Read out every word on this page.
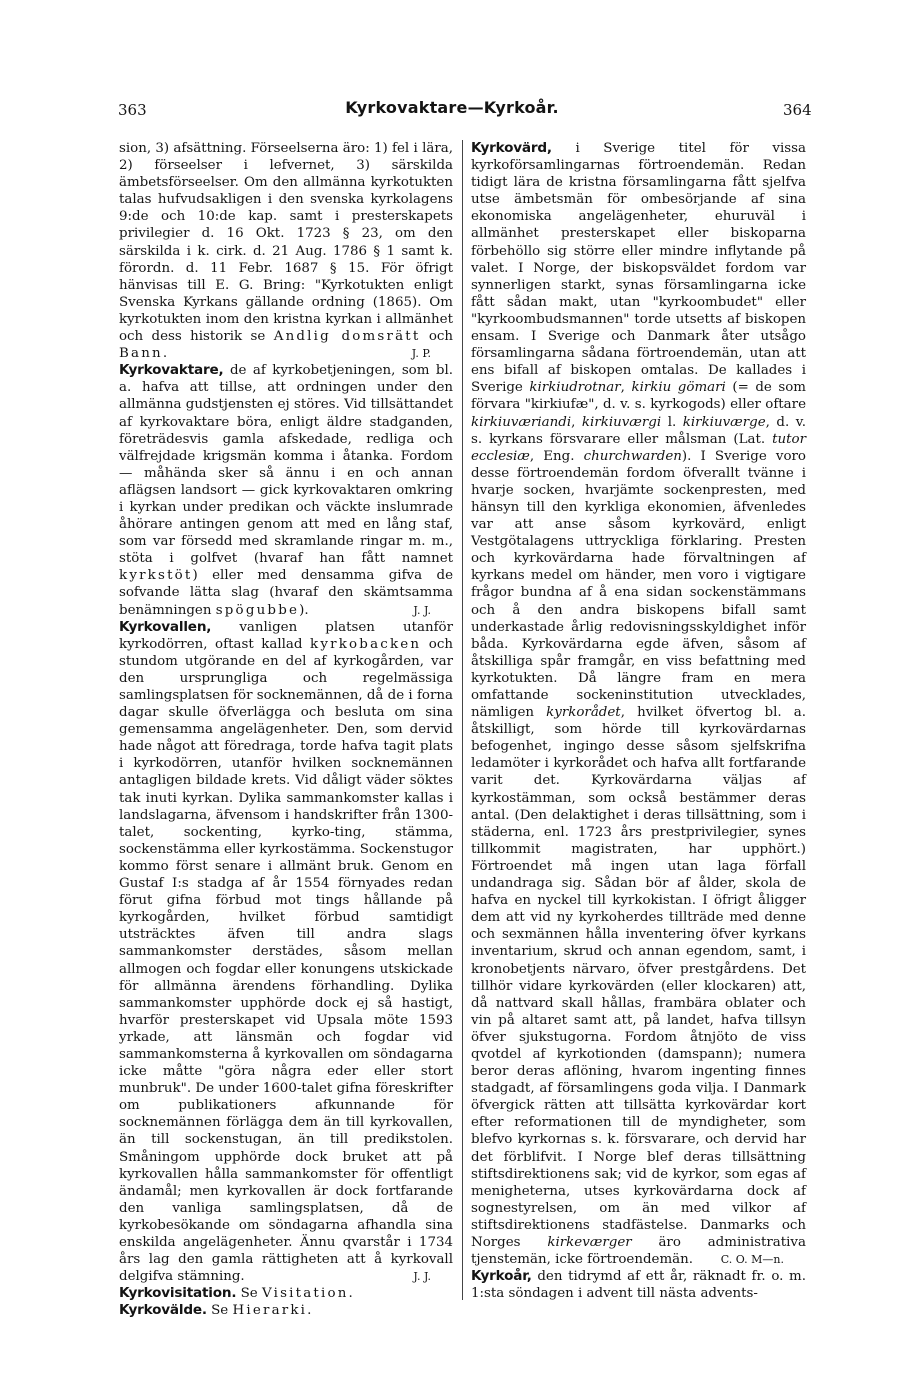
363	Kyrkovaktare—Kyrkoår.	364

sion, 3) afsättning. Förseelserna äro: 1) fel i lära, 2) förseelser i lefvernet, 3) särskilda ämbetsförseelser. Om den allmänna kyrkotukten talas hufvudsakligen i den svenska kyrkolagens 9:de och 10:de kap. samt i presterskapets privilegier d. 16 Okt. 1723 § 23, om den särskilda i k. cirk. d. 21 Aug. 1786 § 1 samt k. förordn. d. 11 Febr. 1687 § 15. För öfrigt hänvisas till E. G. Bring: "Kyrkotukten enligt Svenska Kyrkans gällande ordning (1865). Om kyrkotukten inom den kristna kyrkan i allmänhet och dess historik se Andlig domsrätt och Bann.	J. P.

Kyrkovaktare, de af kyrkobetjeningen, som bl. a. hafva att tillse, att ordningen under den allmänna gudstjensten ej störes. Vid tillsättandet af kyrkovaktare böra, enligt äldre stadganden, företrädesvis gamla afskedade, redliga och välfrejdade krigsmän komma i åtanka. Fordom — måhända sker så ännu i en och annan aflägsen landsort — gick kyrkovaktaren omkring i kyrkan under predikan och väckte inslumrade åhörare antingen genom att med en lång staf, som var försedd med skramlande ringar m. m., stöta i golfvet (hvaraf han fått namnet kyrkstöt) eller med densamma gifva de sofvande lätta slag (hvaraf den skämtsamma benämningen spögubbe).	J. J.

Kyrkovallen, vanligen platsen utanför kyrkodörren, oftast kallad kyrkobacken och stundom utgörande en del af kyrkogården, var den ursprungliga och regelmässiga samlingsplatsen för socknemännen, då de i forna dagar skulle öfverlägga och besluta om sina gemensamma angelägenheter. Den, som dervid hade något att föredraga, torde hafva tagit plats i kyrkodörren, utanför hvilken socknemännen antagligen bildade krets. Vid dåligt väder söktes tak inuti kyrkan. Dylika sammankomster kallas i landslagarna, äfvensom i handskrifter från 1300-talet, sockenting, kyrko-ting, stämma, sockenstämma eller kyrkostämma. Sockenstugor kommo först senare i allmänt bruk. Genom en Gustaf I:s stadga af år 1554 förnyades redan förut gifna förbud mot tings hållande på kyrkogården, hvilket förbud samtidigt utsträcktes äfven till andra slags sammankomster derstädes, såsom mellan allmogen och fogdar eller konungens utskickade för allmänna ärendens förhandling. Dylika sammankomster upphörde dock ej så hastigt, hvarför presterskapet vid Upsala möte 1593 yrkade, att länsmän och fogdar vid sammankomsterna å kyrkovallen om söndagarna icke måtte "göra några eder eller stort munbruk". De under 1600-talet gifna föreskrifter om publikationers afkunnande för socknemännen förlägga dem än till kyrkovallen, än till sockenstugan, än till predikstolen. Småningom upphörde dock bruket att på kyrkovallen hålla sammankomster för offentligt ändamål; men kyrkovallen är dock fortfarande den vanliga samlingsplatsen, då de kyrkobesökande om söndagarna afhandla sina enskilda angelägenheter. Ännu qvarstår i 1734 års lag den gamla rättigheten att å kyrkovall delgifva stämning.	J. J.

Kyrkovisitation. Se Visitation.

Kyrkovälde. Se Hierarki.

Kyrkovärd, i Sverige titel för vissa kyrkoförsamlingarnas förtroendemän. Redan tidigt lära de kristna församlingarna fått sjelfva utse ämbetsmän för ombesörjande af sina ekonomiska angelägenheter, ehuruväl i allmänhet presterskapet eller biskoparna förbehöllo sig större eller mindre inflytande på valet. I Norge, der biskopsväldet fordom var synnerligen starkt, synas församlingarna icke fått sådan makt, utan "kyrkoombudet" eller "kyrkoombudsmannen" torde utsetts af biskopen ensam. I Sverige och Danmark åter utsågo församlingarna sådana förtroendemän, utan att ens bifall af biskopen omtalas. De kallades i Sverige kirkiudrotnar, kirkiu gömari (= de som förvara "kirkiufæ", d. v. s. kyrkogods) eller oftare kirkiuværiandi, kirkiuværgi l. kirkiuværge, d. v. s. kyrkans försvarare eller målsman (Lat. tutor ecclesiæ, Eng. churchwarden). I Sverige voro desse förtroendemän fordom öfverallt tvänne i hvarje socken, hvarjämte sockenpresten, med hänsyn till den kyrkliga ekonomien, äfvenledes var att anse såsom kyrkovärd, enligt Vestgötalagens uttryckliga förklaring. Presten och kyrkovärdarna hade förvaltningen af kyrkans medel om händer, men voro i vigtigare frågor bundna af å ena sidan sockenstämmans och å den andra biskopens bifall samt underkastade årlig redovisningsskyldighet inför båda. Kyrkovärdarna egde äfven, såsom af åtskilliga spår framgår, en viss befattning med kyrkotukten. Då längre fram en mera omfattande sockeninstitution utvecklades, nämligen kyrkorådet, hvilket öfvertog bl. a. åtskilligt, som hörde till kyrkovärdarnas befogenhet, ingingo desse såsom sjelfskrifna ledamöter i kyrkorådet och hafva allt fortfarande varit det. Kyrkovärdarna väljas af kyrkostämman, som också bestämmer deras antal. (Den delaktighet i deras tillsättning, som i städerna, enl. 1723 års prestprivilegier, synes tillkommit magistraten, har upphört.) Förtroendet må ingen utan laga förfall undandraga sig. Sådan bör af ålder, skola de hafva en nyckel till kyrkokistan. I öfrigt åligger dem att vid ny kyrkoherdes tillträde med denne och sexmännen hålla inventering öfver kyrkans inventarium, skrud och annan egendom, samt, i kronobetjents närvaro, öfver prestgårdens. Det tillhör vidare kyrkovärden (eller klockaren) att, då nattvard skall hållas, frambära oblater och vin på altaret samt att, på landet, hafva tillsyn öfver sjukstugorna. Fordom åtnjöto de viss qvotdel af kyrkotionden (damspann); numera beror deras aflöning, hvarom ingenting finnes stadgadt, af församlingens goda vilja. I Danmark öfvergick rätten att tillsätta kyrkovärdar kort efter reformationen till de myndigheter, som blefvo kyrkornas s. k. försvarare, och dervid har det förblifvit. I Norge blef deras tillsättning stiftsdirektionens sak; vid de kyrkor, som egas af menigheterna, utses kyrkovärdarna dock af sognestyrelsen, om än med vilkor af stiftsdirektionens stadfästelse. Danmarks och Norges kirkeværger äro administrativa tjenstemän, icke förtroendemän.	C. O. M—n.

Kyrkoår, den tidrymd af ett år, räknadt fr. o. m. 1:sta söndagen i advent till nästa advents-
